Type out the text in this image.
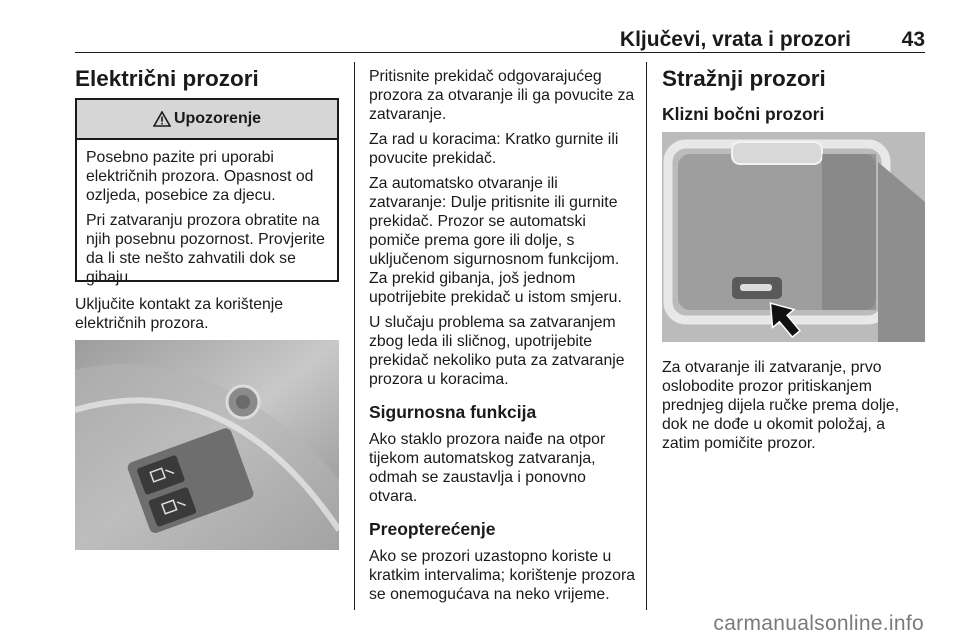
Ključevi, vrata i prozori 43
Električni prozori
Upozorenje

Posebno pazite pri uporabi električnih prozora. Opasnost od ozljeda, posebice za djecu.

Pri zatvaranju prozora obratite na njih posebnu pozornost. Provjerite da li ste nešto zahvatili dok se gibaju.

Uključite kontakt za korištenje električnih prozora.

Pritisnite prekidač odgovarajućeg prozora za otvaranje ili ga povucite za zatvaranje.

Za rad u koracima: Kratko gurnite ili povucite prekidač.

Za automatsko otvaranje ili zatvaranje: Dulje pritisnite ili gurnite prekidač. Prozor se automatski pomiče prema gore ili dolje, s uključenom sigurnosnom funkcijom. Za prekid gibanja, još jednom upotrijebite prekidač u istom smjeru.

U slučaju problema sa zatvaranjem zbog leda ili sličnog, upotrijebite prekidač nekoliko puta za zatvaranje prozora u koracima.

Sigurnosna funkcija

Ako staklo prozora naiđe na otpor tijekom automatskog zatvaranja, odmah se zaustavlja i ponovno otvara.

Preopterećenje

Ako se prozori uzastopno koriste u kratkim intervalima; korištenje prozora se onemogućava na neko vrijeme.

Stražnji prozori
Klizni bočni prozori

Za otvaranje ili zatvaranje, prvo oslobodite prozor pritiskanjem prednjeg dijela ručke prema dolje, dok ne dođe u okomit položaj, a zatim pomičite prozor.

carmanualsonline.info
